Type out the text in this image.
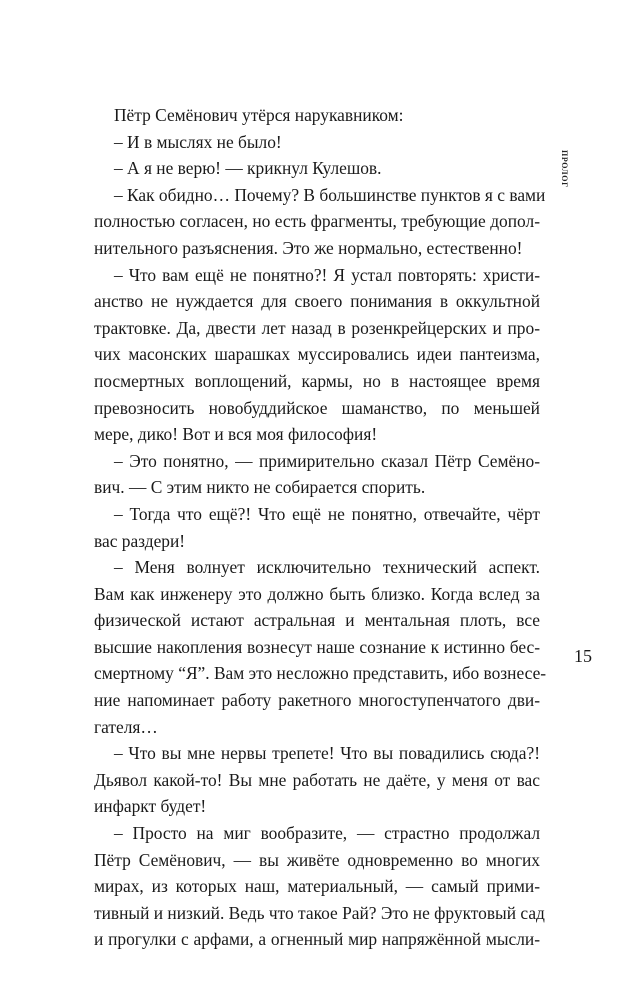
пролог
Пётр Семёнович утёрся нарукавником:
– И в мыслях не было!
– А я не верю! — крикнул Кулешов.
– Как обидно… Почему? В большинстве пунктов я с вами
полностью согласен, но есть фрагменты, требующие допол-
нительного разъяснения. Это же нормально, естественно!
– Что вам ещё не понятно?! Я устал повторять: христи-
анство не нуждается для своего понимания в оккультной
трактовке. Да, двести лет назад в розенкрейцерских и про-
чих масонских шарашках муссировались идеи пантеизма,
посмертных воплощений, кармы, но в настоящее время
превозносить новобуддийское шаманство, по меньшей
мере, дико! Вот и вся моя философия!
– Это понятно, — примирительно сказал Пётр Семёно-
вич. — С этим никто не собирается спорить.
– Тогда что ещё?! Что ещё не понятно, отвечайте, чёрт
вас раздери!
– Меня волнует исключительно технический аспект.
Вам как инженеру это должно быть близко. Когда вслед за
физической истают астральная и ментальная плоть, все
высшие накопления вознесут наше сознание к истинно бес-
смертному “Я”. Вам это несложно представить, ибо вознесе-
ние напоминает работу ракетного многоступенчатого дви-
гателя…
– Что вы мне нервы трепете! Что вы повадились сюда?!
Дьявол какой-то! Вы мне работать не даёте, у меня от вас
инфаркт будет!
– Просто на миг вообразите, — страстно продолжал
Пётр Семёнович, — вы живёте одновременно во многих
мирах, из которых наш, материальный, — самый прими-
тивный и низкий. Ведь что такое Рай? Это не фруктовый сад
и прогулки с арфами, а огненный мир напряжённой мысли-
15
